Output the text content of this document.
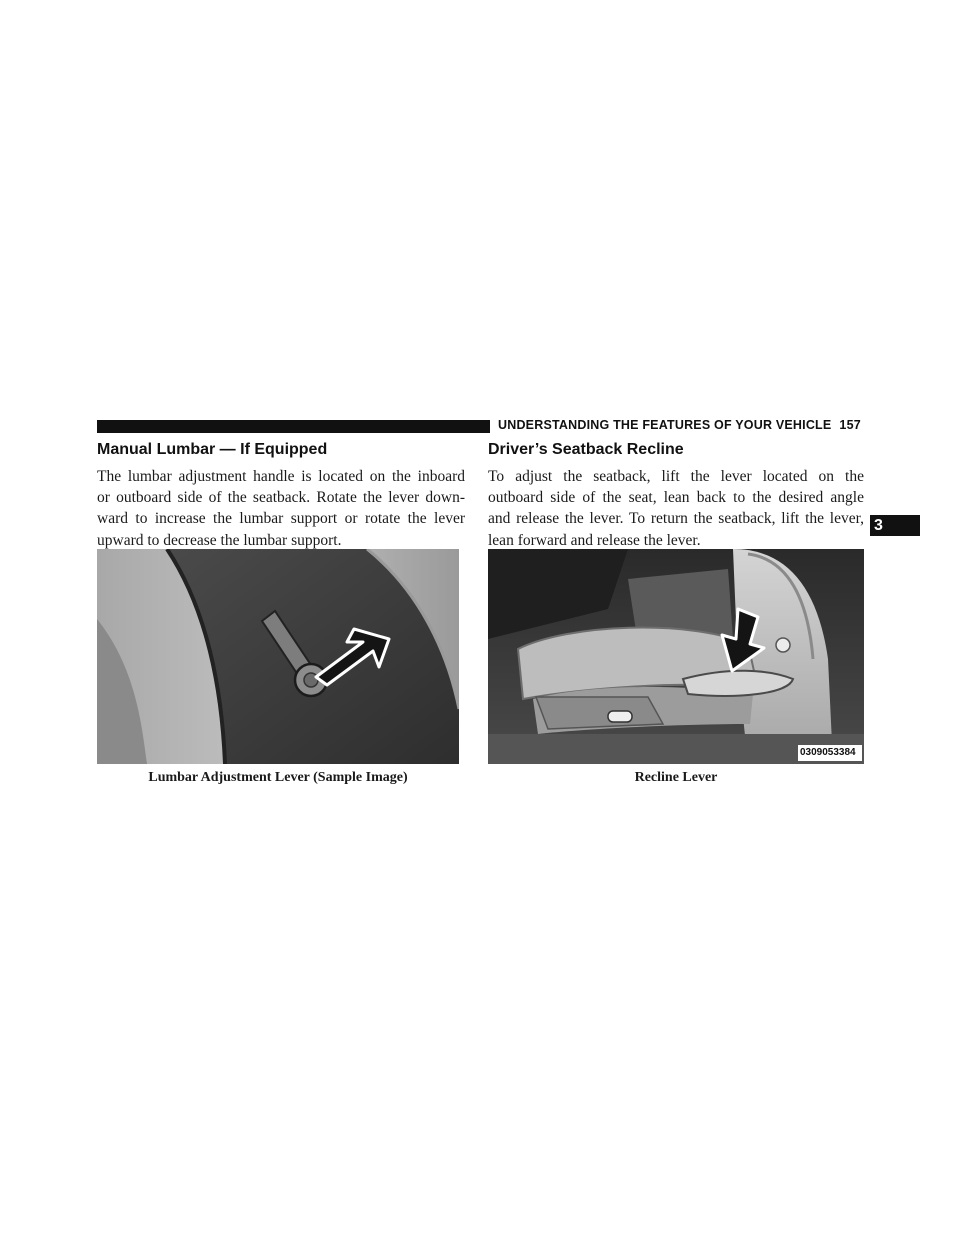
UNDERSTANDING THE FEATURES OF YOUR VEHICLE 157
3
Manual Lumbar — If Equipped
The lumbar adjustment handle is located on the inboard
or outboard side of the seatback. Rotate the lever down-
ward to increase the lumbar support or rotate the lever
upward to decrease the lumbar support.
Lumbar Adjustment Lever (Sample Image)
Driver’s Seatback Recline
To adjust the seatback, lift the lever located on the
outboard side of the seat, lean back to the desired angle
and release the lever. To return the seatback, lift the lever,
lean forward and release the lever.
0309053384
Recline Lever
